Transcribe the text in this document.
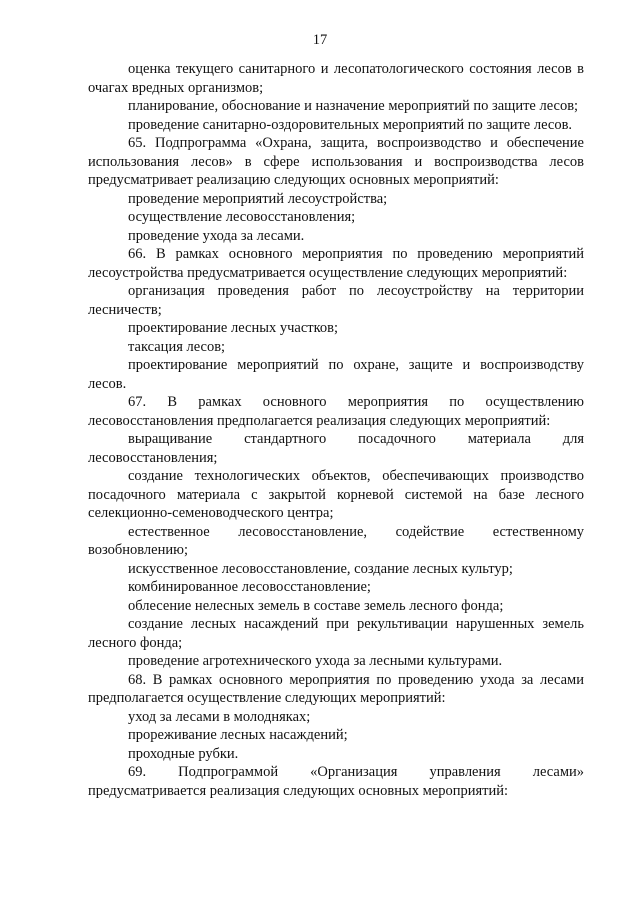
17

оценка текущего санитарного и лесопатологического состояния лесов в очагах вредных организмов;

планирование, обоснование и назначение мероприятий по защите лесов;

проведение санитарно-оздоровительных мероприятий по защите лесов.

65. Подпрограмма «Охрана, защита, воспроизводство и обеспечение использования лесов» в сфере использования и воспроизводства лесов предусматривает реализацию следующих основных мероприятий:

проведение мероприятий лесоустройства;

осуществление лесовосстановления;

проведение ухода за лесами.

66. В рамках основного мероприятия по проведению мероприятий лесоустройства предусматривается осуществление следующих мероприятий:

организация проведения работ по лесоустройству на территории лесничеств;

проектирование лесных участков;

таксация лесов;

проектирование мероприятий по охране, защите и воспроизводству лесов.

67. В рамках основного мероприятия по осуществлению лесовосстановления предполагается реализация следующих мероприятий:

выращивание стандартного посадочного материала для лесовосстановления;

создание технологических объектов, обеспечивающих производство посадочного материала с закрытой корневой системой на базе лесного селекционно-семеноводческого центра;

естественное лесовосстановление, содействие естественному возобновлению;

искусственное лесовосстановление, создание лесных культур;

комбинированное лесовосстановление;

облесение нелесных земель в составе земель лесного фонда;

создание лесных насаждений при рекультивации нарушенных земель лесного фонда;

проведение агротехнического ухода за лесными культурами.

68. В рамках основного мероприятия по проведению ухода за лесами предполагается осуществление следующих мероприятий:

уход за лесами в молодняках;

прореживание лесных насаждений;

проходные рубки.

69. Подпрограммой «Организация управления лесами» предусматривается реализация следующих основных мероприятий:
